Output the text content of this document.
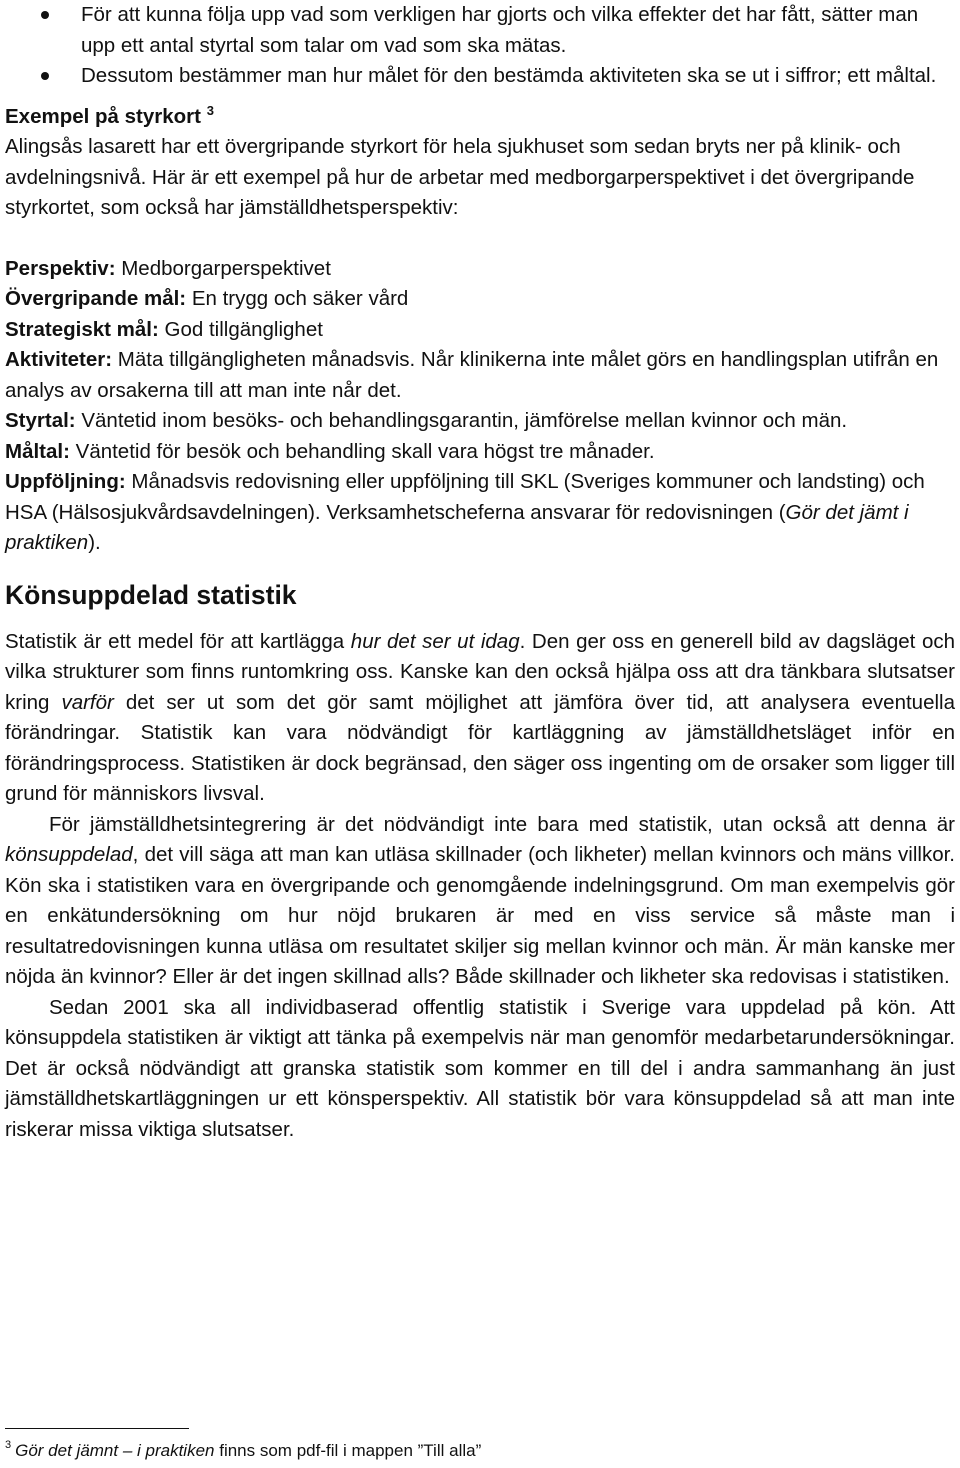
För att kunna följa upp vad som verkligen har gjorts och vilka effekter det har fått, sätter man upp ett antal styrtal som talar om vad som ska mätas.
Dessutom bestämmer man hur målet för den bestämda aktiviteten ska se ut i siffror; ett måltal.

Exempel på styrkort $^3$

Alingsås lasarett har ett övergripande styrkort för hela sjukhuset som sedan bryts ner på klinik- och avdelningsnivå. Här är ett exempel på hur de arbetar med medborgarperspektivet i det övergripande styrkortet, som också har jämställdhetsperspektiv:

Perspektiv: Medborgarperspektivet

Övergripande mål: En trygg och säker vård

Strategiskt mål: God tillgänglighet

Aktiviteter: Mäta tillgängligheten månadsvis. Når klinikerna inte målet görs en handlingsplan utifrån en analys av orsakerna till att man inte når det.

Styrtal: Väntetid inom besöks- och behandlingsgarantin, jämförelse mellan kvinnor och män.

Måltal: Väntetid för besök och behandling skall vara högst tre månader.

Uppföljning: Månadsvis redovisning eller uppföljning till SKL (Sveriges kommuner och landsting) och HSA (Hälsosjukvårdsavdelningen). Verksamhetscheferna ansvarar för redovisningen (Gör det jämt i praktiken).

Könsuppdelad statistik

Statistik är ett medel för att kartlägga hur det ser ut idag. Den ger oss en generell bild av dagsläget och vilka strukturer som finns runtomkring oss. Kanske kan den också hjälpa oss att dra tänkbara slutsatser kring varför det ser ut som det gör samt möjlighet att jämföra över tid, att analysera eventuella förändringar. Statistik kan vara nödvändigt för kartläggning av jämställdhetsläget inför en förändringsprocess. Statistiken är dock begränsad, den säger oss ingenting om de orsaker som ligger till grund för människors livsval.

För jämställdhetsintegrering är det nödvändigt inte bara med statistik, utan också att denna är könsuppdelad, det vill säga att man kan utläsa skillnader (och likheter) mellan kvinnors och mäns villkor. Kön ska i statistiken vara en övergripande och genomgående indelningsgrund. Om man exempelvis gör en enkätundersökning om hur nöjd brukaren är med en viss service så måste man i resultatredovisningen kunna utläsa om resultatet skiljer sig mellan kvinnor och män. Är män kanske mer nöjda än kvinnor? Eller är det ingen skillnad alls? Både skillnader och likheter ska redovisas i statistiken.

Sedan 2001 ska all individbaserad offentlig statistik i Sverige vara uppdelad på kön. Att könsuppdela statistiken är viktigt att tänka på exempelvis när man genomför medarbetarundersökningar. Det är också nödvändigt att granska statistik som kommer en till del i andra sammanhang än just jämställdhetskartläggningen ur ett könsperspektiv. All statistik bör vara könsuppdelad så att man inte riskerar missa viktiga slutsatser.

$^3$ Gör det jämnt – i praktiken finns som pdf-fil i mappen ”Till alla”
